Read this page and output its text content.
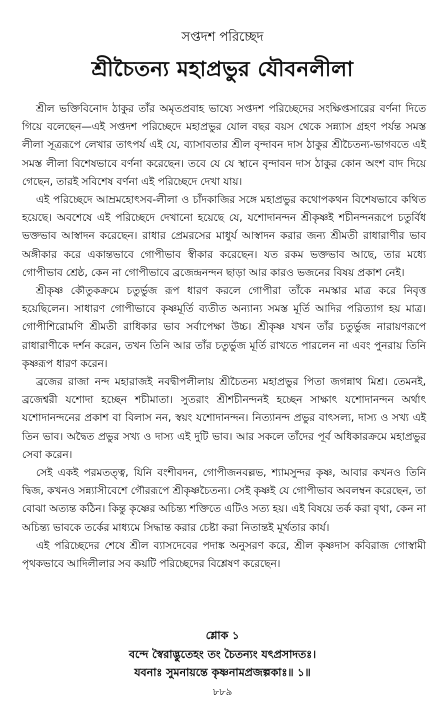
সপ্তদশ পরিচ্ছেদ
শ্রীচৈতন্য মহাপ্রভুর যৌবনলীলা

শ্রীল ভক্তিবিনোদ ঠাকুর তাঁর অমৃতপ্রবাহ ভাষ্যে সপ্তদশ পরিচ্ছেদের সংক্ষিপ্তসারের বর্ণনা দিতে গিয়ে বলেছেন—এই সপ্তদশ পরিচ্ছেদে মহাপ্রভুর যোল বছর বয়স থেকে সন্ন্যাস গ্রহণ পর্যন্ত সমস্ত লীলা সূত্ররূপে লেখার তাৎপর্য এই যে, ব্যাসাবতার শ্রীল বৃন্দাবন দাস ঠাকুর শ্রীচৈতন্য-ভাগবতে এই সমস্ত লীলা বিশেষভাবে বর্ণনা করেছেন। তবে যে যে স্থানে বৃন্দাবন দাস ঠাকুর কোন অংশ বাদ দিয়ে গেছেন, তারই সবিশেষ বর্ণনা এই পরিচ্ছেদে দেখা যায়।

এই পরিচ্ছেদে আম্রমহোৎসব-লীলা ও চাঁদকাজির সঙ্গে মহাপ্রভুর কথোপকথন বিশেষভাবে কথিত হয়েছে। অবশেষে এই পরিচ্ছেদে দেখানো হয়েছে যে, যশোদানন্দন শ্রীকৃষ্ণই শচীনন্দনরূপে চতুর্বিধ ভক্তভাব আস্বাদন করেছেন। রাধার প্রেমরসের মাধুর্য আস্বাদন করার জন্য শ্রীমতী রাধারাণীর ভাব অঙ্গীকার করে একান্তভাবে গোপীভাব স্বীকার করেছেন। যত রকম ভক্তভাব আছে, তার মধ্যে গোপীভাব শ্রেষ্ঠ, কেন না গোপীভাবে ব্রজেন্দ্রনন্দন ছাড়া আর কারও ভজনের বিষয় প্রকাশ নেই।

শ্রীকৃষ্ণ কৌতুকক্রমে চতুর্ভুজ রূপ ধারণ করলে গোপীরা তাঁকে নমস্কার মাত্র করে নিবৃত্ত হয়েছিলেন। সাধারণ গোপীভাবে কৃষ্ণমূর্তি ব্যতীত অন্যান্য সমস্ত মূর্তি আদির পরিত্যাগ হয় মাত্র। গোপীশিরোমণি শ্রীমতী রাধিকার ভাব সর্বাপেক্ষা উচ্চ। শ্রীকৃষ্ণ যখন তাঁর চতুর্ভুজ নারায়ণরূপে রাধারাণীকে দর্শন করেন, তখন তিনি আর তাঁর চতুর্ভুজ মূর্তি রাখতে পারলেন না এবং পুনরায় তিনি কৃষ্ণরূপ ধারণ করেন।

ব্রজের রাজা নন্দ মহারাজই নবদ্বীপলীলায় শ্রীচৈতন্য মহাপ্রভুর পিতা জগন্নাথ মিশ্র। তেমনই, ব্রজেশ্বরী যশোদা হচ্ছেন শচীমাতা। সুতরাং শ্রীশচীনন্দনই হচ্ছেন সাক্ষাৎ যশোদানন্দন অর্থাৎ যশোদানন্দনের প্রকাশ বা বিলাস নন, স্বয়ং যশোদানন্দন। নিত্যানন্দ প্রভুর বাৎসল্য, দাস্য ও সখ্য এই তিন ভাব। অদ্বৈত প্রভুর সখ্য ও দাস্য এই দুটি ভাব। আর সকলে তাঁদের পূর্ব অধিকারক্রমে মহাপ্রভুর সেবা করেন।

সেই একই পরমতত্ত্ব, যিনি বংশীবদন, গোপীজনবল্লভ, শ্যামসুন্দর কৃষ্ণ, আবার কখনও তিনি দ্বিজ, কখনও সন্ন্যাসীবেশে গৌররূপে শ্রীকৃষ্ণচৈতন্য। সেই কৃষ্ণই যে গোপীভাব অবলম্বন করেছেন, তা বোঝা অত্যন্ত কঠিন। কিন্তু কৃষ্ণের অচিন্ত্য শক্তিতে এটিও সত্য হয়। এই বিষয়ে তর্ক করা বৃথা, কেন না অচিন্ত্য ভাবকে তর্কের মাধ্যমে সিদ্ধান্ত করার চেষ্টা করা নিতান্তই মূর্খতার কার্য।

এই পরিচ্ছেদের শেষে শ্রীল ব্যাসদেবের পদাঙ্ক অনুসরণ করে, শ্রীল কৃষ্ণদাস কবিরাজ গোস্বামী পৃথকভাবে আদিলীলার সব কয়টি পরিচ্ছেদের বিশ্লেষণ করেছেন।

শ্লোক ১
বন্দে স্বৈরাদ্ভুতেহং তং চৈতন্যং যৎপ্রসাদতঃ।
যবনাঃ সুমনায়ন্তে কৃষ্ণনামপ্রজল্পকাঃ॥ ১॥
৮৮৯
